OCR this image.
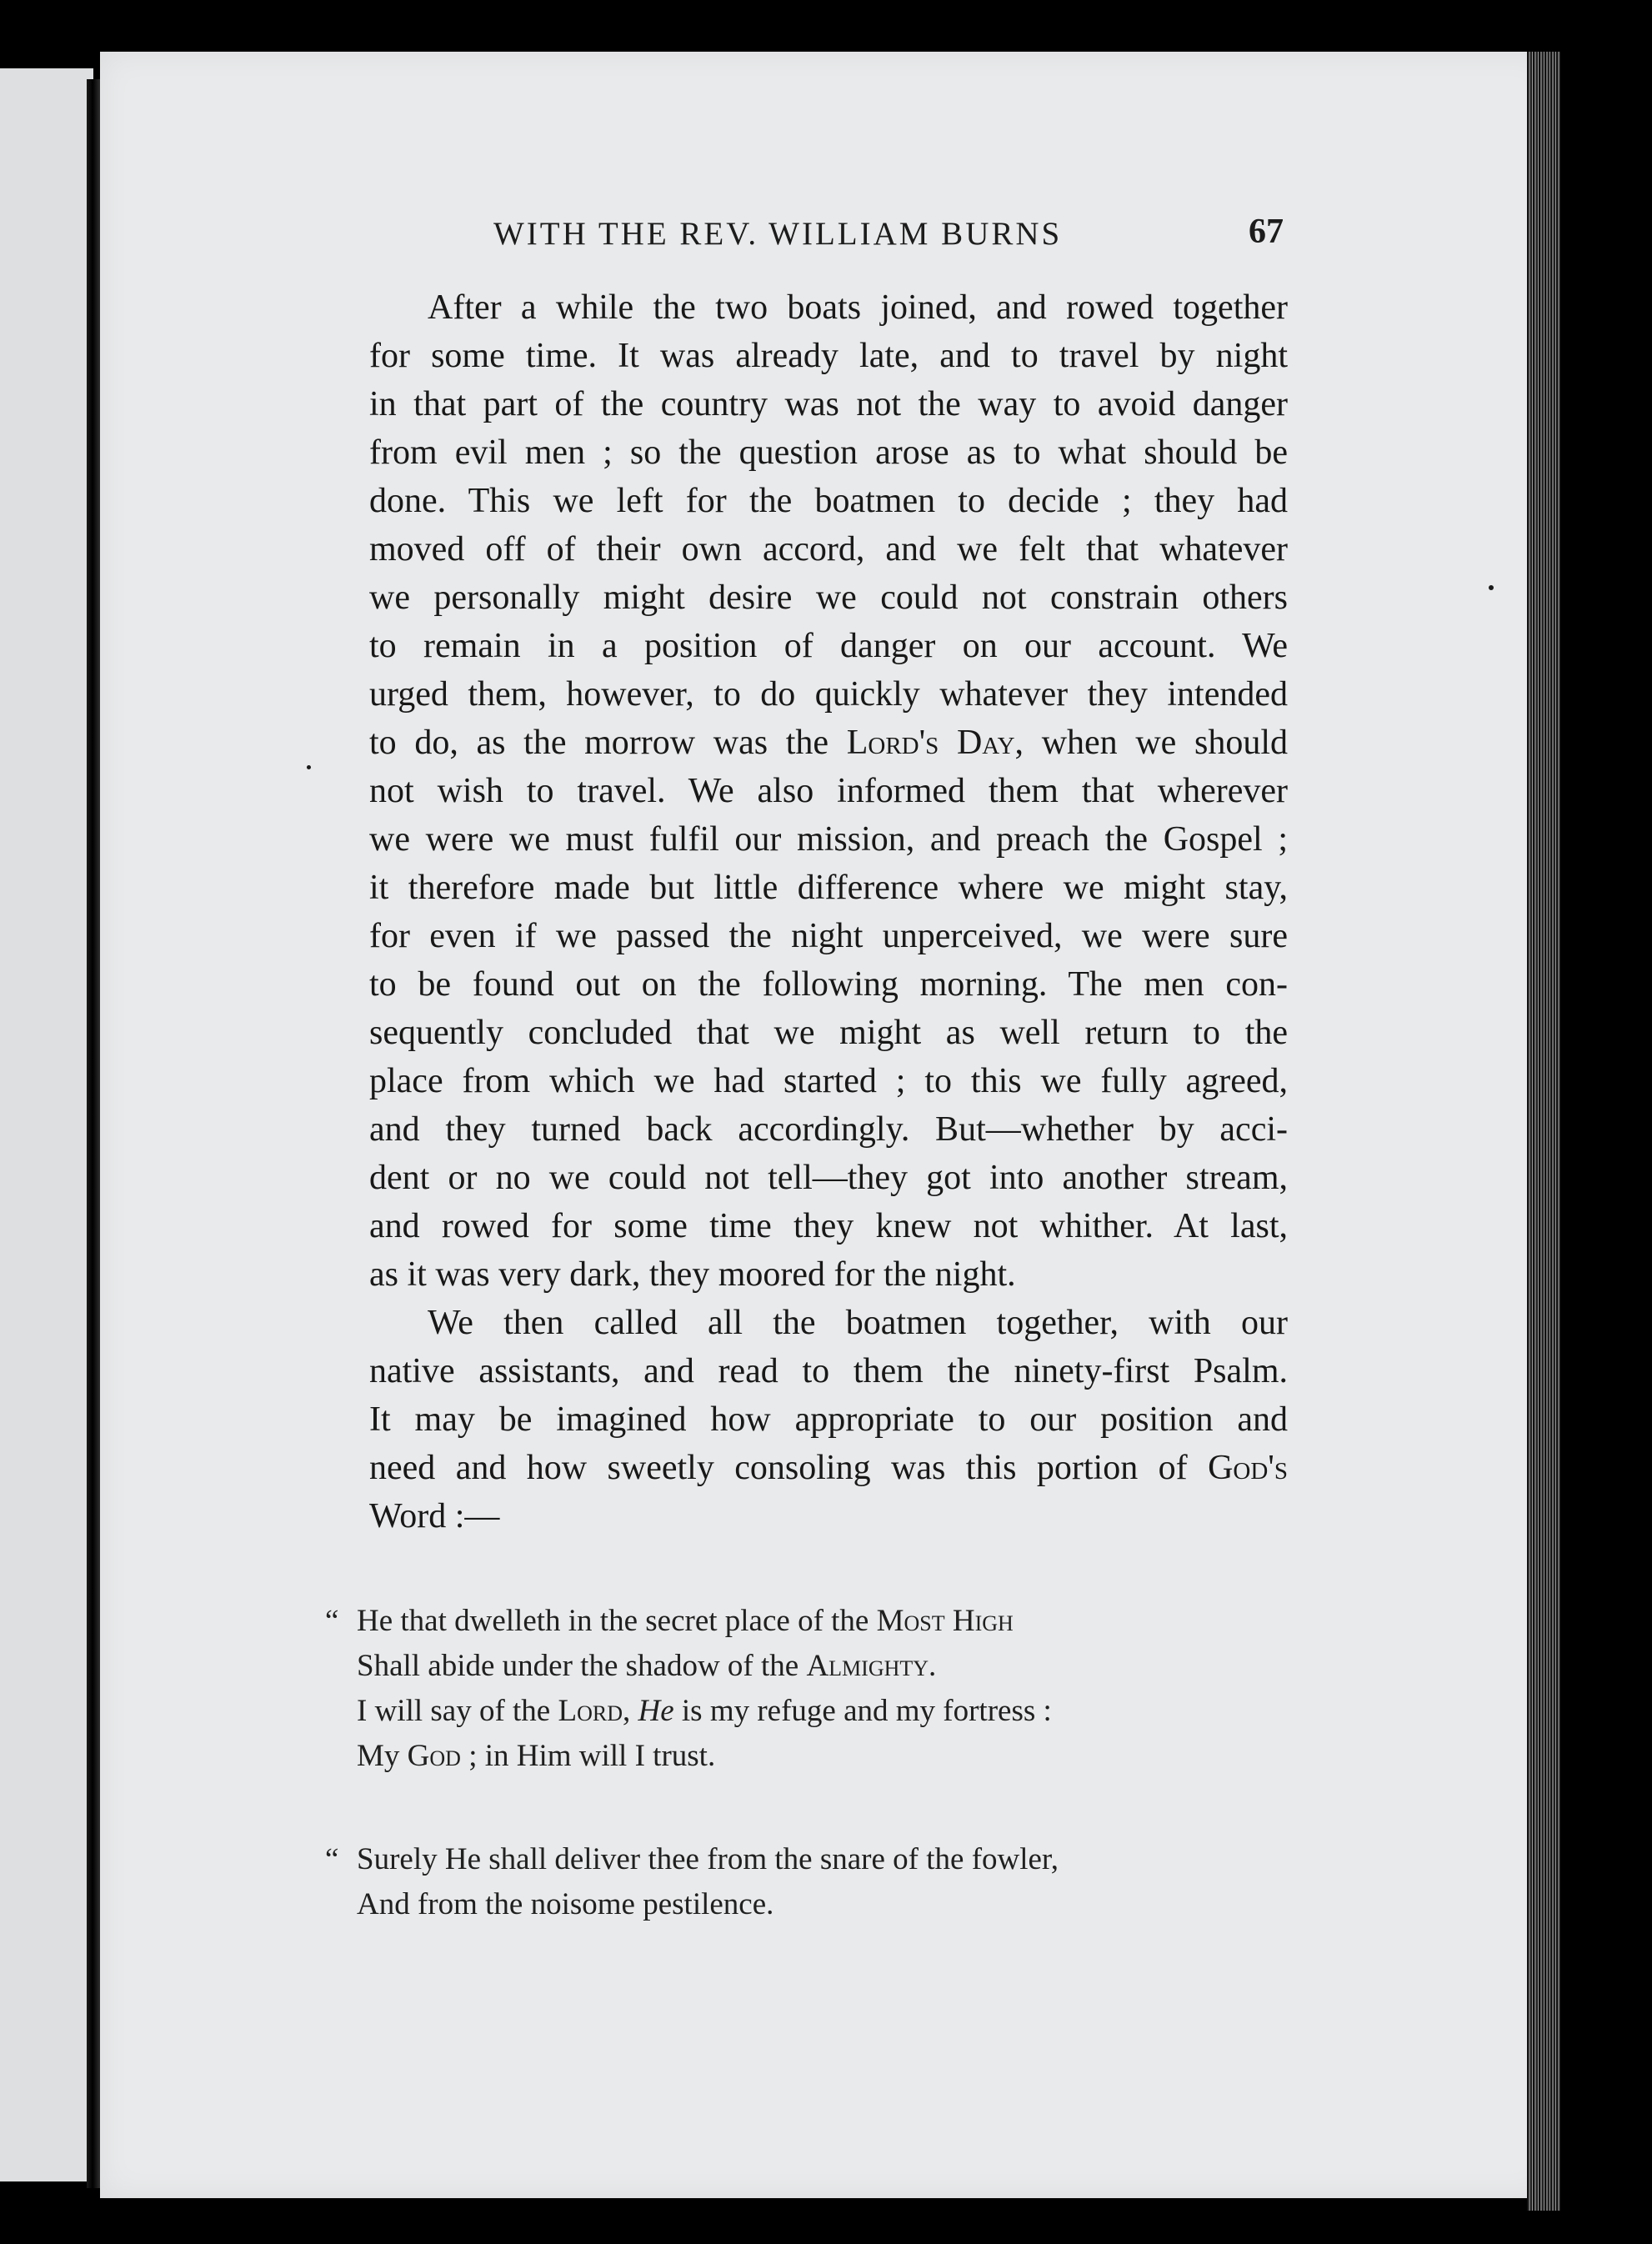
WITH THE REV. WILLIAM BURNS	67
After a while the two boats joined, and rowed together
for some time. It was already late, and to travel by night
in that part of the country was not the way to avoid danger
from evil men ; so the question arose as to what should be
done. This we left for the boatmen to decide ; they had
moved off of their own accord, and we felt that whatever
we personally might desire we could not constrain others
to remain in a position of danger on our account. We
urged them, however, to do quickly whatever they intended
to do, as the morrow was the Lord's Day, when we should
not wish to travel. We also informed them that wherever
we were we must fulfil our mission, and preach the Gospel ;
it therefore made but little difference where we might stay,
for even if we passed the night unperceived, we were sure
to be found out on the following morning. The men con-
sequently concluded that we might as well return to the
place from which we had started ; to this we fully agreed,
and they turned back accordingly. But—whether by acci-
dent or no we could not tell—they got into another stream,
and rowed for some time they knew not whither. At last,
as it was very dark, they moored for the night.
We then called all the boatmen together, with our
native assistants, and read to them the ninety-first Psalm.
It may be imagined how appropriate to our position and
need and how sweetly consoling was this portion of God's
Word :—
“ He that dwelleth in the secret place of the Most High
Shall abide under the shadow of the Almighty.
I will say of the Lord, He is my refuge and my fortress :
My God ; in Him will I trust.
“ Surely He shall deliver thee from the snare of the fowler,
And from the noisome pestilence.
